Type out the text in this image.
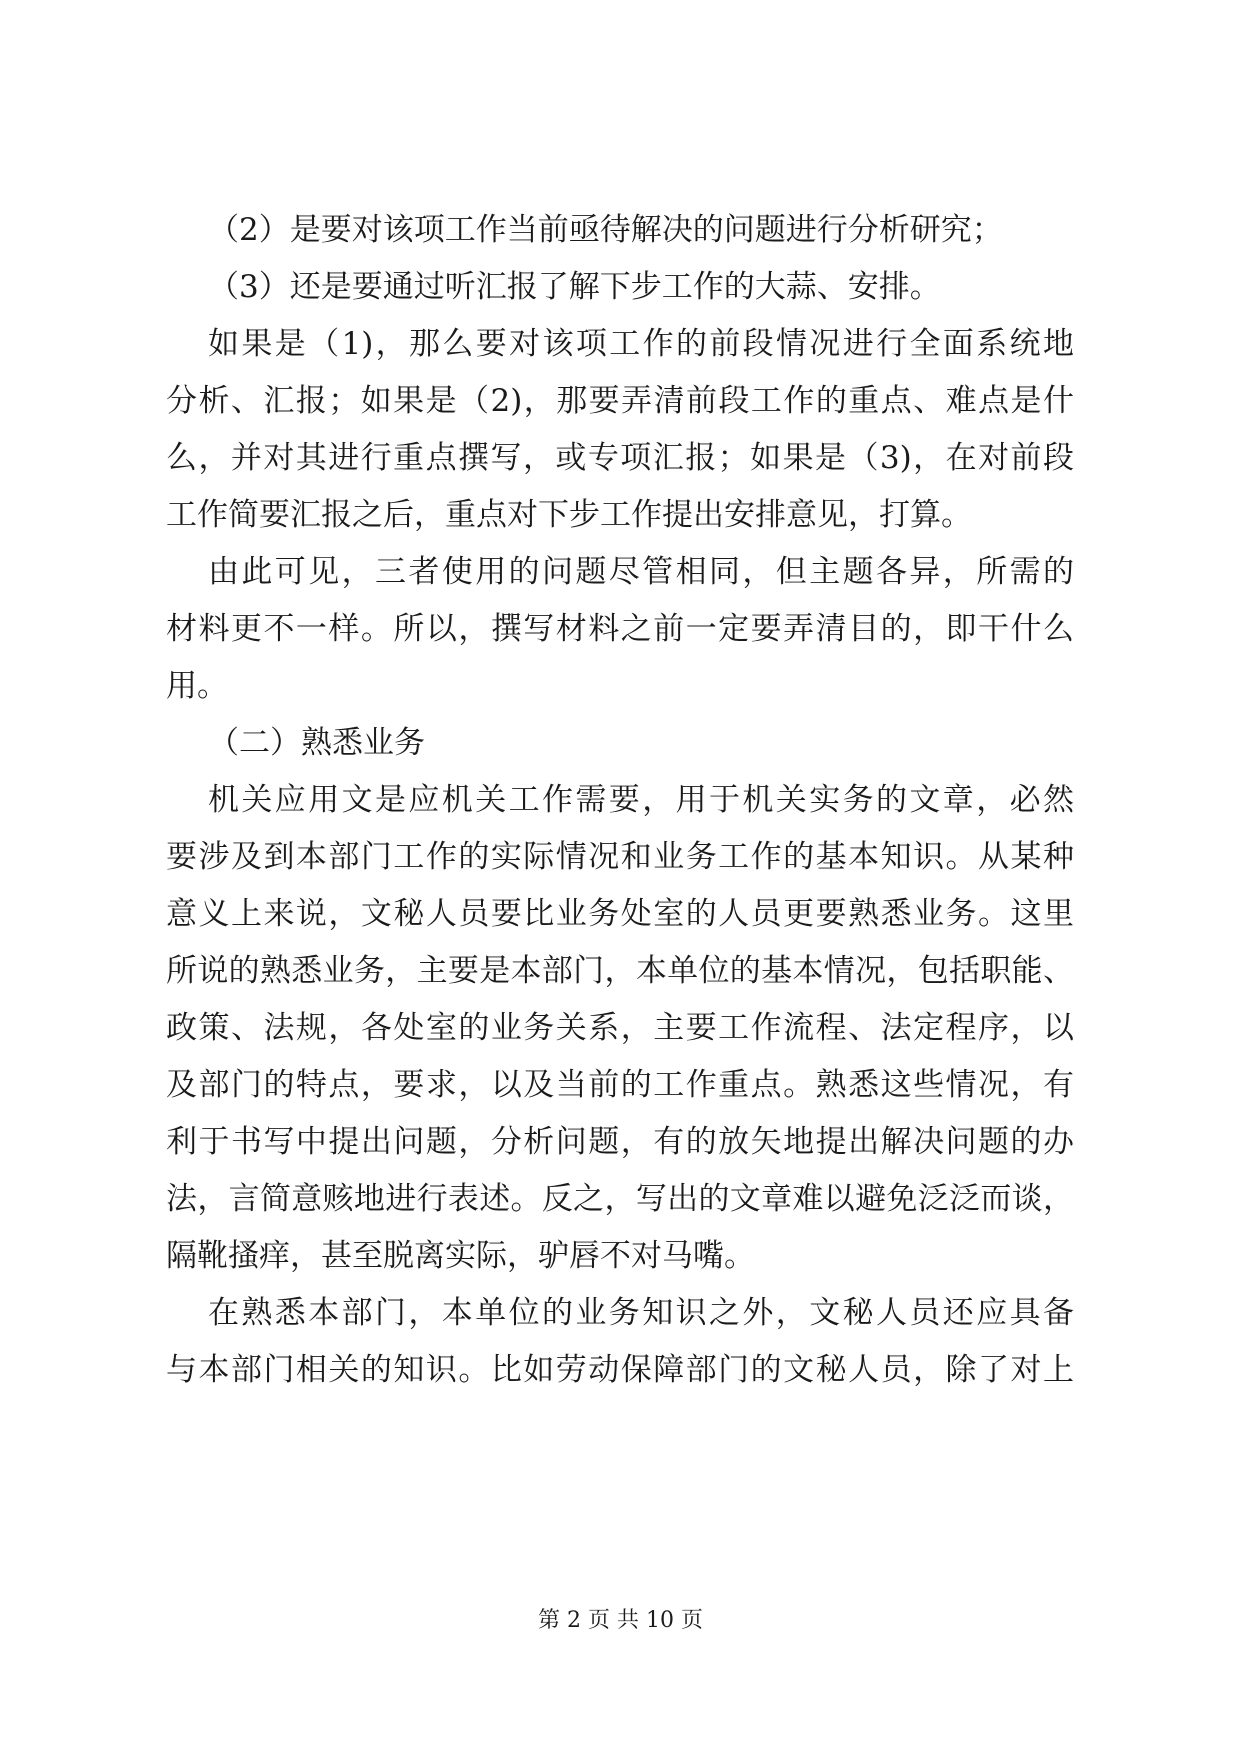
（2）是要对该项工作当前亟待解决的问题进行分析研究；
（3）还是要通过听汇报了解下步工作的大蒜、安排。
如果是（1)，那么要对该项工作的前段情况进行全面系统地
分析、汇报；如果是（2)，那要弄清前段工作的重点、难点是什
么，并对其进行重点撰写，或专项汇报；如果是（3)，在对前段
工作简要汇报之后，重点对下步工作提出安排意见，打算。
由此可见，三者使用的问题尽管相同，但主题各异，所需的
材料更不一样。所以，撰写材料之前一定要弄清目的，即干什么
用。
（二）熟悉业务
机关应用文是应机关工作需要，用于机关实务的文章，必然
要涉及到本部门工作的实际情况和业务工作的基本知识。从某种
意义上来说，文秘人员要比业务处室的人员更要熟悉业务。这里
所说的熟悉业务，主要是本部门，本单位的基本情况，包括职能、
政策、法规，各处室的业务关系，主要工作流程、法定程序，以
及部门的特点，要求，以及当前的工作重点。熟悉这些情况，有
利于书写中提出问题，分析问题，有的放矢地提出解决问题的办
法，言简意赅地进行表述。反之，写出的文章难以避免泛泛而谈，
隔靴搔痒，甚至脱离实际，驴唇不对马嘴。
在熟悉本部门，本单位的业务知识之外，文秘人员还应具备
与本部门相关的知识。比如劳动保障部门的文秘人员，除了对上
第 2 页 共 10 页
